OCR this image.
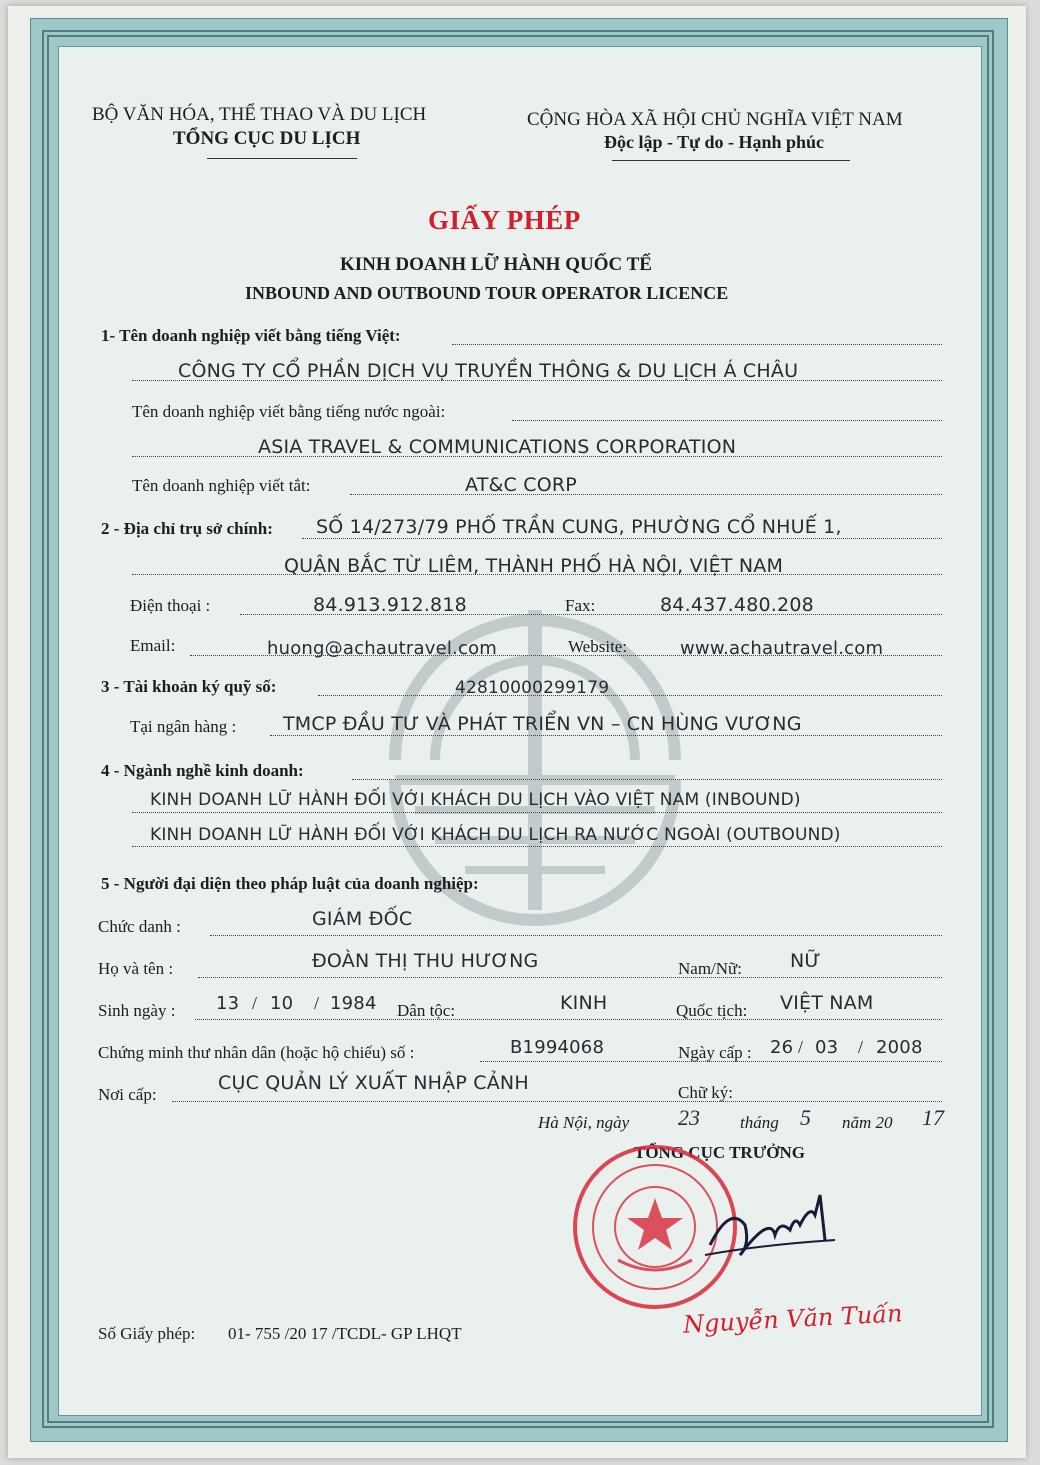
BỘ VĂN HÓA, THỂ THAO VÀ DU LỊCH
TỔNG CỤC DU LỊCH
CỘNG HÒA XÃ HỘI CHỦ NGHĨA VIỆT NAM
Độc lập - Tự do - Hạnh phúc
GIẤY PHÉP
KINH DOANH LỮ HÀNH QUỐC TẾ
INBOUND AND OUTBOUND TOUR OPERATOR LICENCE
1- Tên doanh nghiệp viết bằng tiếng Việt:
CÔNG TY CỔ PHẦN DỊCH VỤ TRUYỀN THÔNG & DU LỊCH Á CHÂU
Tên doanh nghiệp viết bằng tiếng nước ngoài:
ASIA TRAVEL & COMMUNICATIONS CORPORATION
Tên doanh nghiệp viết tắt:	AT&C CORP
2 - Địa chỉ trụ sở chính: SỐ 14/273/79 PHỐ TRẦN CUNG, PHƯỜNG CỔ NHUẾ 1,
QUẬN BẮC TỪ LIÊM, THÀNH PHỐ HÀ NỘI, VIỆT NAM
Điện thoại :	84.913.912.818	Fax:	84.437.480.208
Email:	huong@achautravel.com	Website:	www.achautravel.com
3 - Tài khoản ký quỹ số:	42810000299179
Tại ngân hàng : TMCP ĐẦU TƯ VÀ PHÁT TRIỂN VN – CN HÙNG VƯƠNG
4 - Ngành nghề kinh doanh:
KINH DOANH LỮ HÀNH ĐỐI VỚI KHÁCH DU LỊCH VÀO VIỆT NAM (INBOUND)
KINH DOANH LỮ HÀNH ĐỐI VỚI KHÁCH DU LỊCH RA NƯỚC NGOÀI (OUTBOUND)
5 - Người đại diện theo pháp luật của doanh nghiệp:
Chức danh :	GIÁM ĐỐC
Họ và tên :	ĐOÀN THỊ THU HƯƠNG	Nam/Nữ:	NỮ
Sinh ngày : 13 / 10 / 1984 Dân tộc:	KINH	Quốc tịch: VIỆT NAM
Chứng minh thư nhân dân (hoặc hộ chiếu) số :	B1994068	Ngày cấp : 26 / 03 / 2008
Nơi cấp:
CỤC QUẢN LÝ XUẤT NHẬP CẢNH	Chữ ký:
Hà Nội, ngày 23 tháng 5 năm 20 17
TỔNG CỤC TRƯỞNG
Nguyễn Văn Tuấn
Số Giấy phép: 01- 755 /20 17 /TCDL- GP LHQT
